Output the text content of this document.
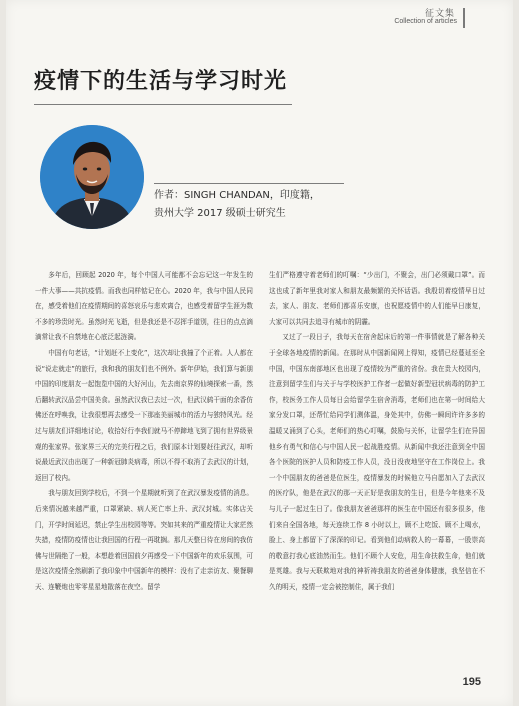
征文集
Collection of articles
疫情下的生活与学习时光
作者：SINGH CHANDAN，印度籍，
贵州大学 2017 级硕士研究生

多年后，回顾起 2020 年，每个中国人可能都不会忘记这一年发生的一件大事——共抗疫情。而我也同样惦记在心。2020 年，我与中国人民同在，感受着他们在疫情期间的喜怒哀乐与悲欢离合，也感受着留学生涯为数不多的珍贵时光。虽然时光飞逝，但是我还是不忍挥手道别，往日的点点滴滴常让我不自禁地在心底泛起涟漪。

中国有句老话，“计划赶不上变化”，这次却让我撞了个正着。人人都在说“说走就走”的旅行，我和我的朋友们也不例外。新年伊始，我们算与新朋中国的印度朋友一起饱览中国的大好河山，先去南京界的仙境探索一番，然后翻转武汉品尝中国美食。虽然武汉我已去过一次，但武汉鸫干面的余香仿佛还在呼唤我，让我很想再去感受一下那座美丽城市的活力与独特风光。经过与朋友们详细地讨论，收拾好行李我们就马不停蹄地飞到了拥有世界级景观的张家界。张家界三天的完美行程之后，我们原本计划要赶往武汉，却听说最近武汉由出现了一种新冠肺炎病毒，所以不得不取消了去武汉的计划，返回了校内。

我与朋友回到学校后，不到一个星期就听到了在武汉暴发疫情的消息。后来情况越来越严重，口罩紧缺、病人死亡率上升、武汉封城。实体店关门，开学时间延迟，禁止学生出校园等等。突如其来的严重疫情让大家茫然失措，疫情防疫情也让我回国的行程一再耽搁。那几天整日待在房间的我仿佛与世隔绝了一般，本想趁着回国前夕再感受一下中国新年的欢乐氛围，可是这次疫情全然刷新了我印象中中国新年的模样：没有了走亲访友、聚餐聊天、连鞭炮也零零星星地散落在夜空。留学

生们严格遵守着老师们的叮嘱：“少出门，不聚会，出门必须戴口罩”。而这也成了新年里我对家人和朋友最频繁的关怀话语。我殷切着疫情早日过去，家人、朋友、老师们都喜乐安康，也祝愿疫情中的人们能早日康复，大家可以共同去追寻有城市的阴霾。

又过了一段日子，我每天在宿舍起床后的第一件事情就是了解各种关于全球各地疫情的新闻。在那时从中国新闻网上得知，疫情已经蔓延至全中国，中国东南部地区也出现了疫情较为严重的省份。我在贵大校园内，注意到留学生们与关于与学校医护工作者一起做好新型冠状病毒的防护工作，校医务工作人员每日会给留学生宿舍消毒，老师们也在第一时间给大家分发口罩，还帮忙给同学们测体温，身处其中，仿佛一瞬间许许多多的温暖又涌到了心头，老师们的热心叮嘱，鼓励与关怀，让留学生们在异国他乡有勇气和信心与中国人民一起战胜疫情。从新闻中我还注意到全中国各个医院的医护人员和防疫工作人员，没日没夜地坚守在工作岗位上。我一个中国朋友的爸爸是位医生，疫情暴发的时候他立马自愿加入了去武汉的医疗队，他是在武汉的那一天正好是我朋友的生日，但是今年他来不及与儿子一起过生日了。像我朋友爸爸那样的医生在中国还有很多很多，他们来自全国各地，每天连续工作 8 小时以上，顾不上吃饭、顾不上喝水，脸上、身上都留下了深深的印记。看到他们动病救人的一幕幕，一股崇高的敬意打我心底油然而生。他们不顾个人安危，用生命扶救生命，他们就是英雄。我与天联欺地对我的神祈祷我朋友的爸爸身体健康，我坚信在不久的明天，疫情一定会被控制住，属于我们

195
